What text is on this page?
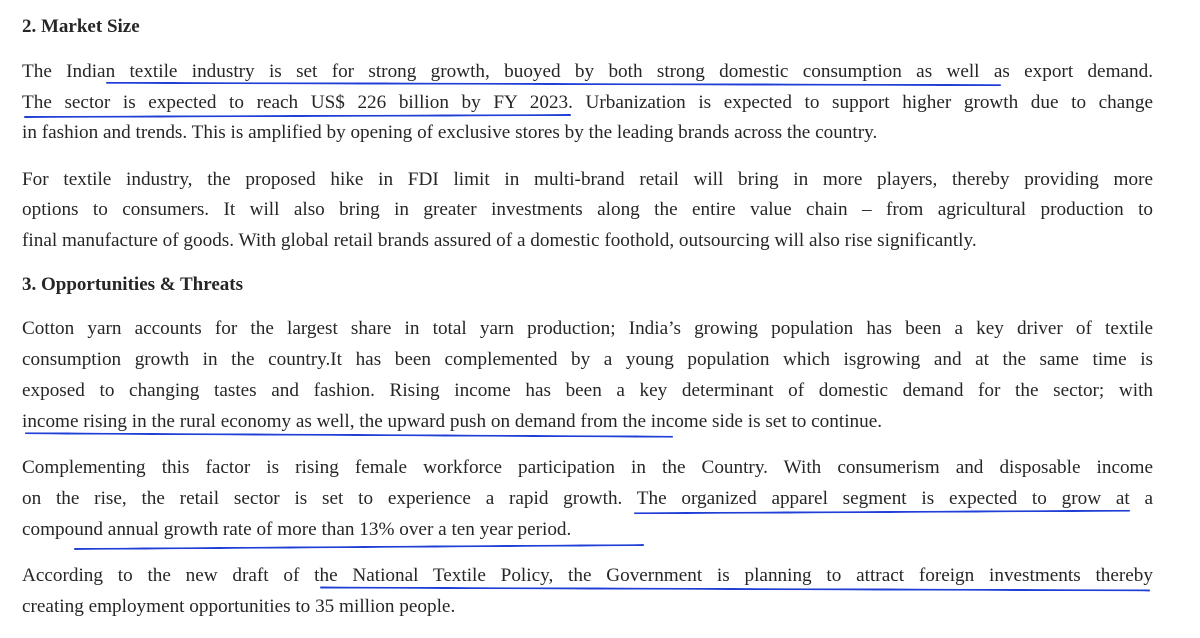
2. Market Size

The Indian textile industry is set for strong growth, buoyed by both strong domestic consumption as well as export demand.

The sector is expected to reach US$ 226 billion by FY 2023. Urbanization is expected to support higher growth due to change

in fashion and trends. This is amplified by opening of exclusive stores by the leading brands across the country.

For textile industry, the proposed hike in FDI limit in multi-brand retail will bring in more players, thereby providing more

options to consumers. It will also bring in greater investments along the entire value chain – from agricultural production to

final manufacture of goods. With global retail brands assured of a domestic foothold, outsourcing will also rise significantly.

3. Opportunities & Threats

Cotton yarn accounts for the largest share in total yarn production; India’s growing population has been a key driver of textile

consumption growth in the country.It has been complemented by a young population which isgrowing and at the same time is

exposed to changing tastes and fashion. Rising income has been a key determinant of domestic demand for the sector; with

income rising in the rural economy as well, the upward push on demand from the income side is set to continue.

Complementing this factor is rising female workforce participation in the Country. With consumerism and disposable income

on the rise, the retail sector is set to experience a rapid growth. The organized apparel segment is expected to grow at a

compound annual growth rate of more than 13% over a ten year period.

According to the new draft of the National Textile Policy, the Government is planning to attract foreign investments thereby

creating employment opportunities to 35 million people.
